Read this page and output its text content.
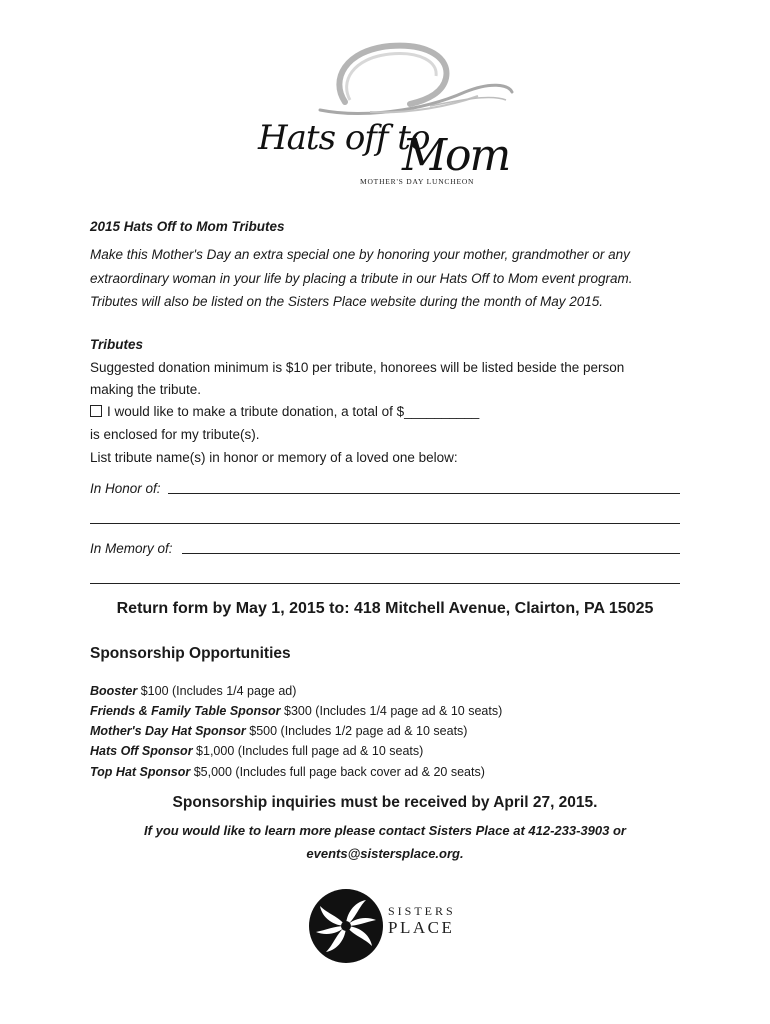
Hats off to
Mom
MOTHER'S DAY LUNCHEON
2015 Hats Off to Mom Tributes
Make this Mother's Day an extra special one by honoring your mother, grandmother or any
extraordinary woman in your life by placing a tribute in our Hats Off to Mom event program.
Tributes will also be listed on the Sisters Place website during the month of May 2015.
Tributes
Suggested donation minimum is $10 per tribute, honorees will be listed beside the person
making the tribute.
I would like to make a tribute donation, a total of $__________
is enclosed for my tribute(s).
List tribute name(s) in honor or memory of a loved one below:
In Honor of:
In Memory of:
Return form by May 1, 2015 to: 418 Mitchell Avenue, Clairton, PA 15025
Sponsorship Opportunities
Booster $100 (Includes 1/4 page ad)
Friends & Family Table Sponsor $300 (Includes 1/4 page ad & 10 seats)
Mother's Day Hat Sponsor $500 (Includes 1/2 page ad & 10 seats)
Hats Off Sponsor $1,000 (Includes full page ad & 10 seats)
Top Hat Sponsor $5,000 (Includes full page back cover ad & 20 seats)
Sponsorship inquiries must be received by April 27, 2015.
If you would like to learn more please contact Sisters Place at 412-233-3903 or
events@sistersplace.org.
SISTERS
PLACE
